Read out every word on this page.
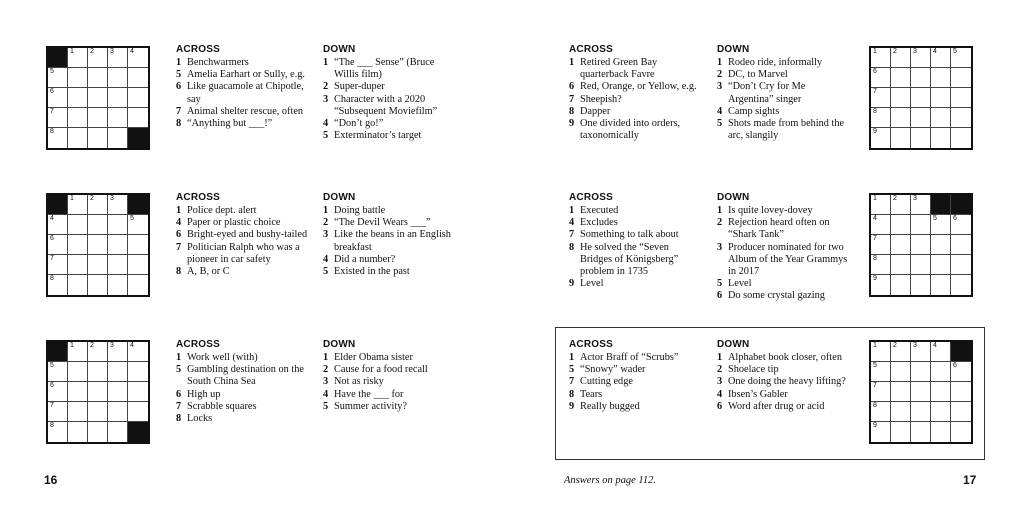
1 2 3 4
5
6
7
8
ACROSS
1 Benchwarmers
5 Amelia Earhart or Sully, e.g.
6 Like guacamole at Chipotle, say
7 Animal shelter rescue, often
8 “Anything but ___!”
DOWN
1 “The ___ Sense” (Bruce Willis film)
2 Super-duper
3 Character with a 2020 “Subsequent Moviefilm”
4 “Don’t go!”
5 Exterminator’s target
ACROSS
1 Retired Green Bay quarterback Favre
6 Red, Orange, or Yellow, e.g.
7 Sheepish?
8 Dapper
9 One divided into orders, taxonomically
DOWN
1 Rodeo ride, informally
2 DC, to Marvel
3 “Don’t Cry for Me Argentina” singer
4 Camp sights
5 Shots made from behind the arc, slangily
1 2 3 4 5
6
7
8
9
1 2 3
4	5
6
7
8
ACROSS
1 Police dept. alert
4 Paper or plastic choice
6 Bright-eyed and bushy-tailed
7 Politician Ralph who was a pioneer in car safety
8 A, B, or C
DOWN
1 Doing battle
2 “The Devil Wears ___”
3 Like the beans in an English breakfast
4 Did a number?
5 Existed in the past
ACROSS
1 Executed
4 Excludes
7 Something to talk about
8 He solved the “Seven Bridges of Königsberg” problem in 1735
9 Level
DOWN
1 Is quite lovey-dovey
2 Rejection heard often on “Shark Tank”
3 Producer nominated for two Album of the Year Grammys in 2017
5 Level
6 Do some crystal gazing
1 2 3
4	5 6
7
8
9
1 2 3 4
5
6
7
8
ACROSS
1 Work well (with)
5 Gambling destination on the South China Sea
6 High up
7 Scrabble squares
8 Locks
DOWN
1 Elder Obama sister
2 Cause for a food recall
3 Not as risky
4 Have the ___ for
5 Summer activity?
ACROSS
1 Actor Braff of “Scrubs”
5 “Snowy” wader
7 Cutting edge
8 Tears
9 Really bugged
DOWN
1 Alphabet book closer, often
2 Shoelace tip
3 One doing the heavy lifting?
4 Ibsen’s Gabler
6 Word after drug or acid
1 2 3 4
5	6
7
8
9
16	Answers on page 112.	17
